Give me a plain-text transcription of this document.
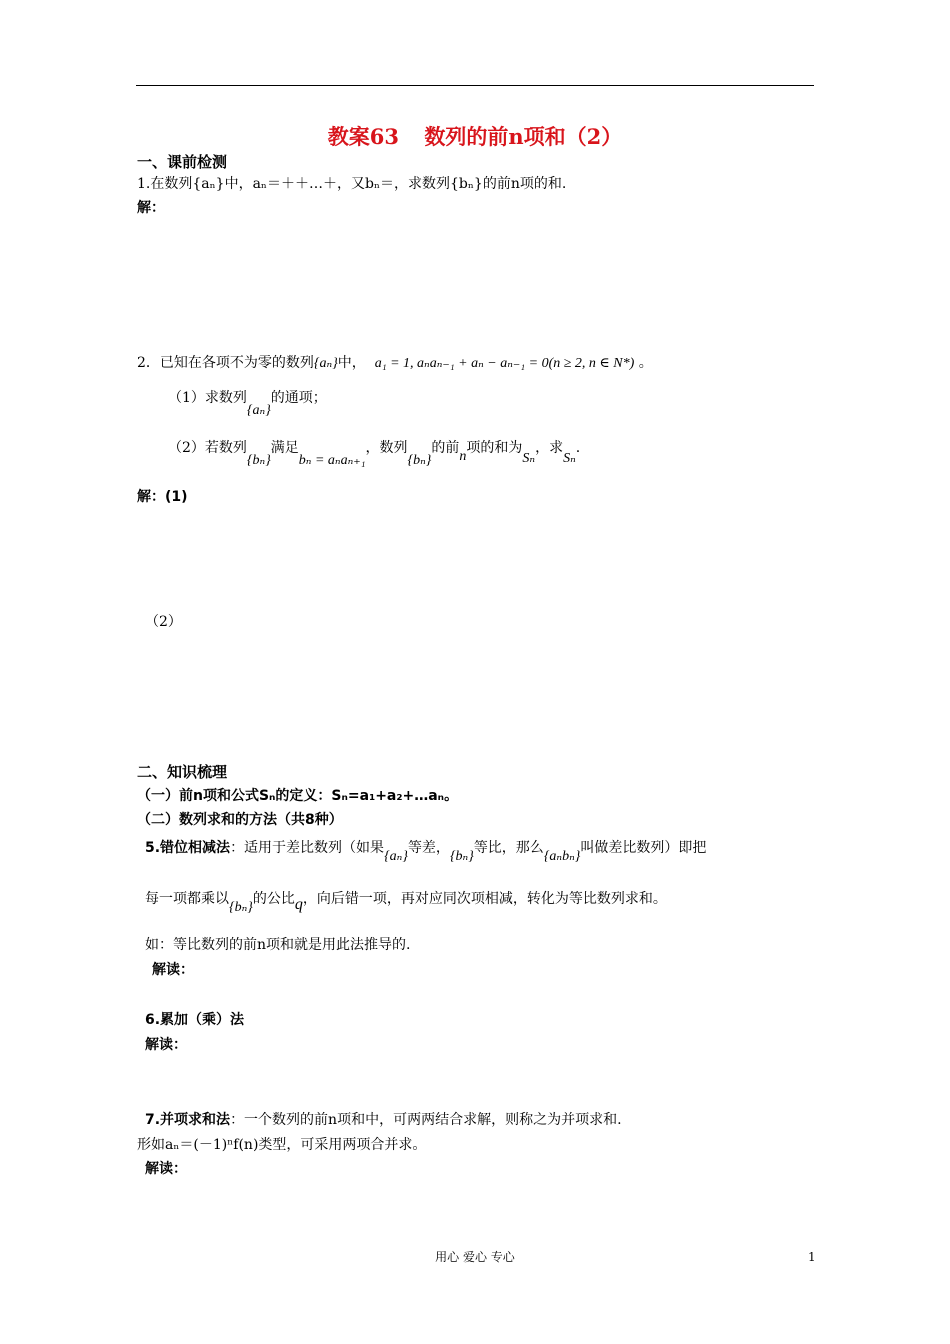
教案63 数列的前n项和（2）
一、课前检测
1.在数列{aₙ}中，aₙ＝＋＋…＋，又bₙ＝，求数列{bₙ}的前n项的和.
解：
2．已知在各项不为零的数列{aₙ}中， a₁ = 1, aₙaₙ₋₁ + aₙ − aₙ₋₁ = 0(n ≥ 2, n ∈ N*) 。
（1）求数列{aₙ}的通项；
（2）若数列{bₙ}满足bₙ = aₙaₙ₊₁，数列{bₙ}的前n项的和为Sₙ，求Sₙ.
解：(1)
（2）
二、知识梳理
（一）前n项和公式Sₙ的定义：Sₙ=a₁+a₂+…aₙ。
（二）数列求和的方法（共8种）
5.错位相减法：适用于差比数列（如果{aₙ}等差，{bₙ}等比，那么{aₙbₙ}叫做差比数列）即把
每一项都乘以{bₙ}的公比q，向后错一项，再对应同次项相减，转化为等比数列求和。
如：等比数列的前n项和就是用此法推导的.
解读：
6.累加（乘）法
解读：
7.并项求和法：一个数列的前n项和中，可两两结合求解，则称之为并项求和.
形如aₙ＝(－1)ⁿf(n)类型，可采用两项合并求。
解读：
用心 爱心 专心	1
